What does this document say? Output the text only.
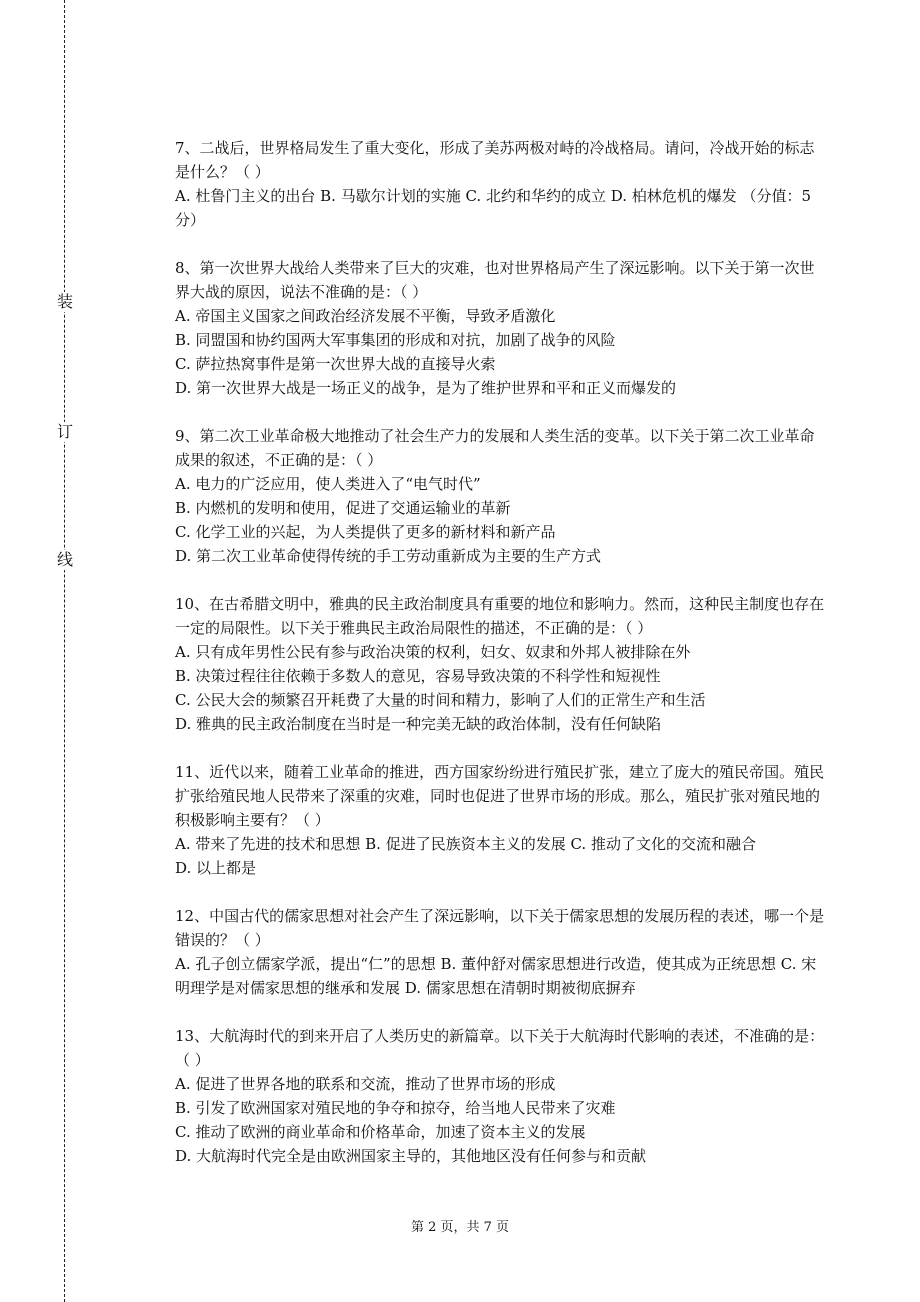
装
订
线

7、二战后，世界格局发生了重大变化，形成了美苏两极对峙的冷战格局。请问，冷战开始的标志是什么？（ ）

A. 杜鲁门主义的出台 B. 马歇尔计划的实施 C. 北约和华约的成立 D. 柏林危机的爆发 （分值：5 分）

8、第一次世界大战给人类带来了巨大的灾难，也对世界格局产生了深远影响。以下关于第一次世界大战的原因，说法不准确的是：（ ）

A. 帝国主义国家之间政治经济发展不平衡，导致矛盾激化

B. 同盟国和协约国两大军事集团的形成和对抗，加剧了战争的风险

C. 萨拉热窝事件是第一次世界大战的直接导火索

D. 第一次世界大战是一场正义的战争，是为了维护世界和平和正义而爆发的

9、第二次工业革命极大地推动了社会生产力的发展和人类生活的变革。以下关于第二次工业革命成果的叙述，不正确的是：（ ）

A. 电力的广泛应用，使人类进入了“电气时代”

B. 内燃机的发明和使用，促进了交通运输业的革新

C. 化学工业的兴起，为人类提供了更多的新材料和新产品

D. 第二次工业革命使得传统的手工劳动重新成为主要的生产方式

10、在古希腊文明中，雅典的民主政治制度具有重要的地位和影响力。然而，这种民主制度也存在一定的局限性。以下关于雅典民主政治局限性的描述，不正确的是：（ ）

A. 只有成年男性公民有参与政治决策的权利，妇女、奴隶和外邦人被排除在外

B. 决策过程往往依赖于多数人的意见，容易导致决策的不科学性和短视性

C. 公民大会的频繁召开耗费了大量的时间和精力，影响了人们的正常生产和生活

D. 雅典的民主政治制度在当时是一种完美无缺的政治体制，没有任何缺陷

11、近代以来，随着工业革命的推进，西方国家纷纷进行殖民扩张，建立了庞大的殖民帝国。殖民扩张给殖民地人民带来了深重的灾难，同时也促进了世界市场的形成。那么，殖民扩张对殖民地的积极影响主要有？（ ）

A. 带来了先进的技术和思想 B. 促进了民族资本主义的发展 C. 推动了文化的交流和融合

D. 以上都是

12、中国古代的儒家思想对社会产生了深远影响，以下关于儒家思想的发展历程的表述，哪一个是错误的？（ ）

A. 孔子创立儒家学派，提出“仁”的思想 B. 董仲舒对儒家思想进行改造，使其成为正统思想 C. 宋明理学是对儒家思想的继承和发展 D. 儒家思想在清朝时期被彻底摒弃

13、大航海时代的到来开启了人类历史的新篇章。以下关于大航海时代影响的表述，不准确的是：（ ）

A. 促进了世界各地的联系和交流，推动了世界市场的形成

B. 引发了欧洲国家对殖民地的争夺和掠夺，给当地人民带来了灾难

C. 推动了欧洲的商业革命和价格革命，加速了资本主义的发展

D. 大航海时代完全是由欧洲国家主导的，其他地区没有任何参与和贡献

第 2 页，共 7 页
